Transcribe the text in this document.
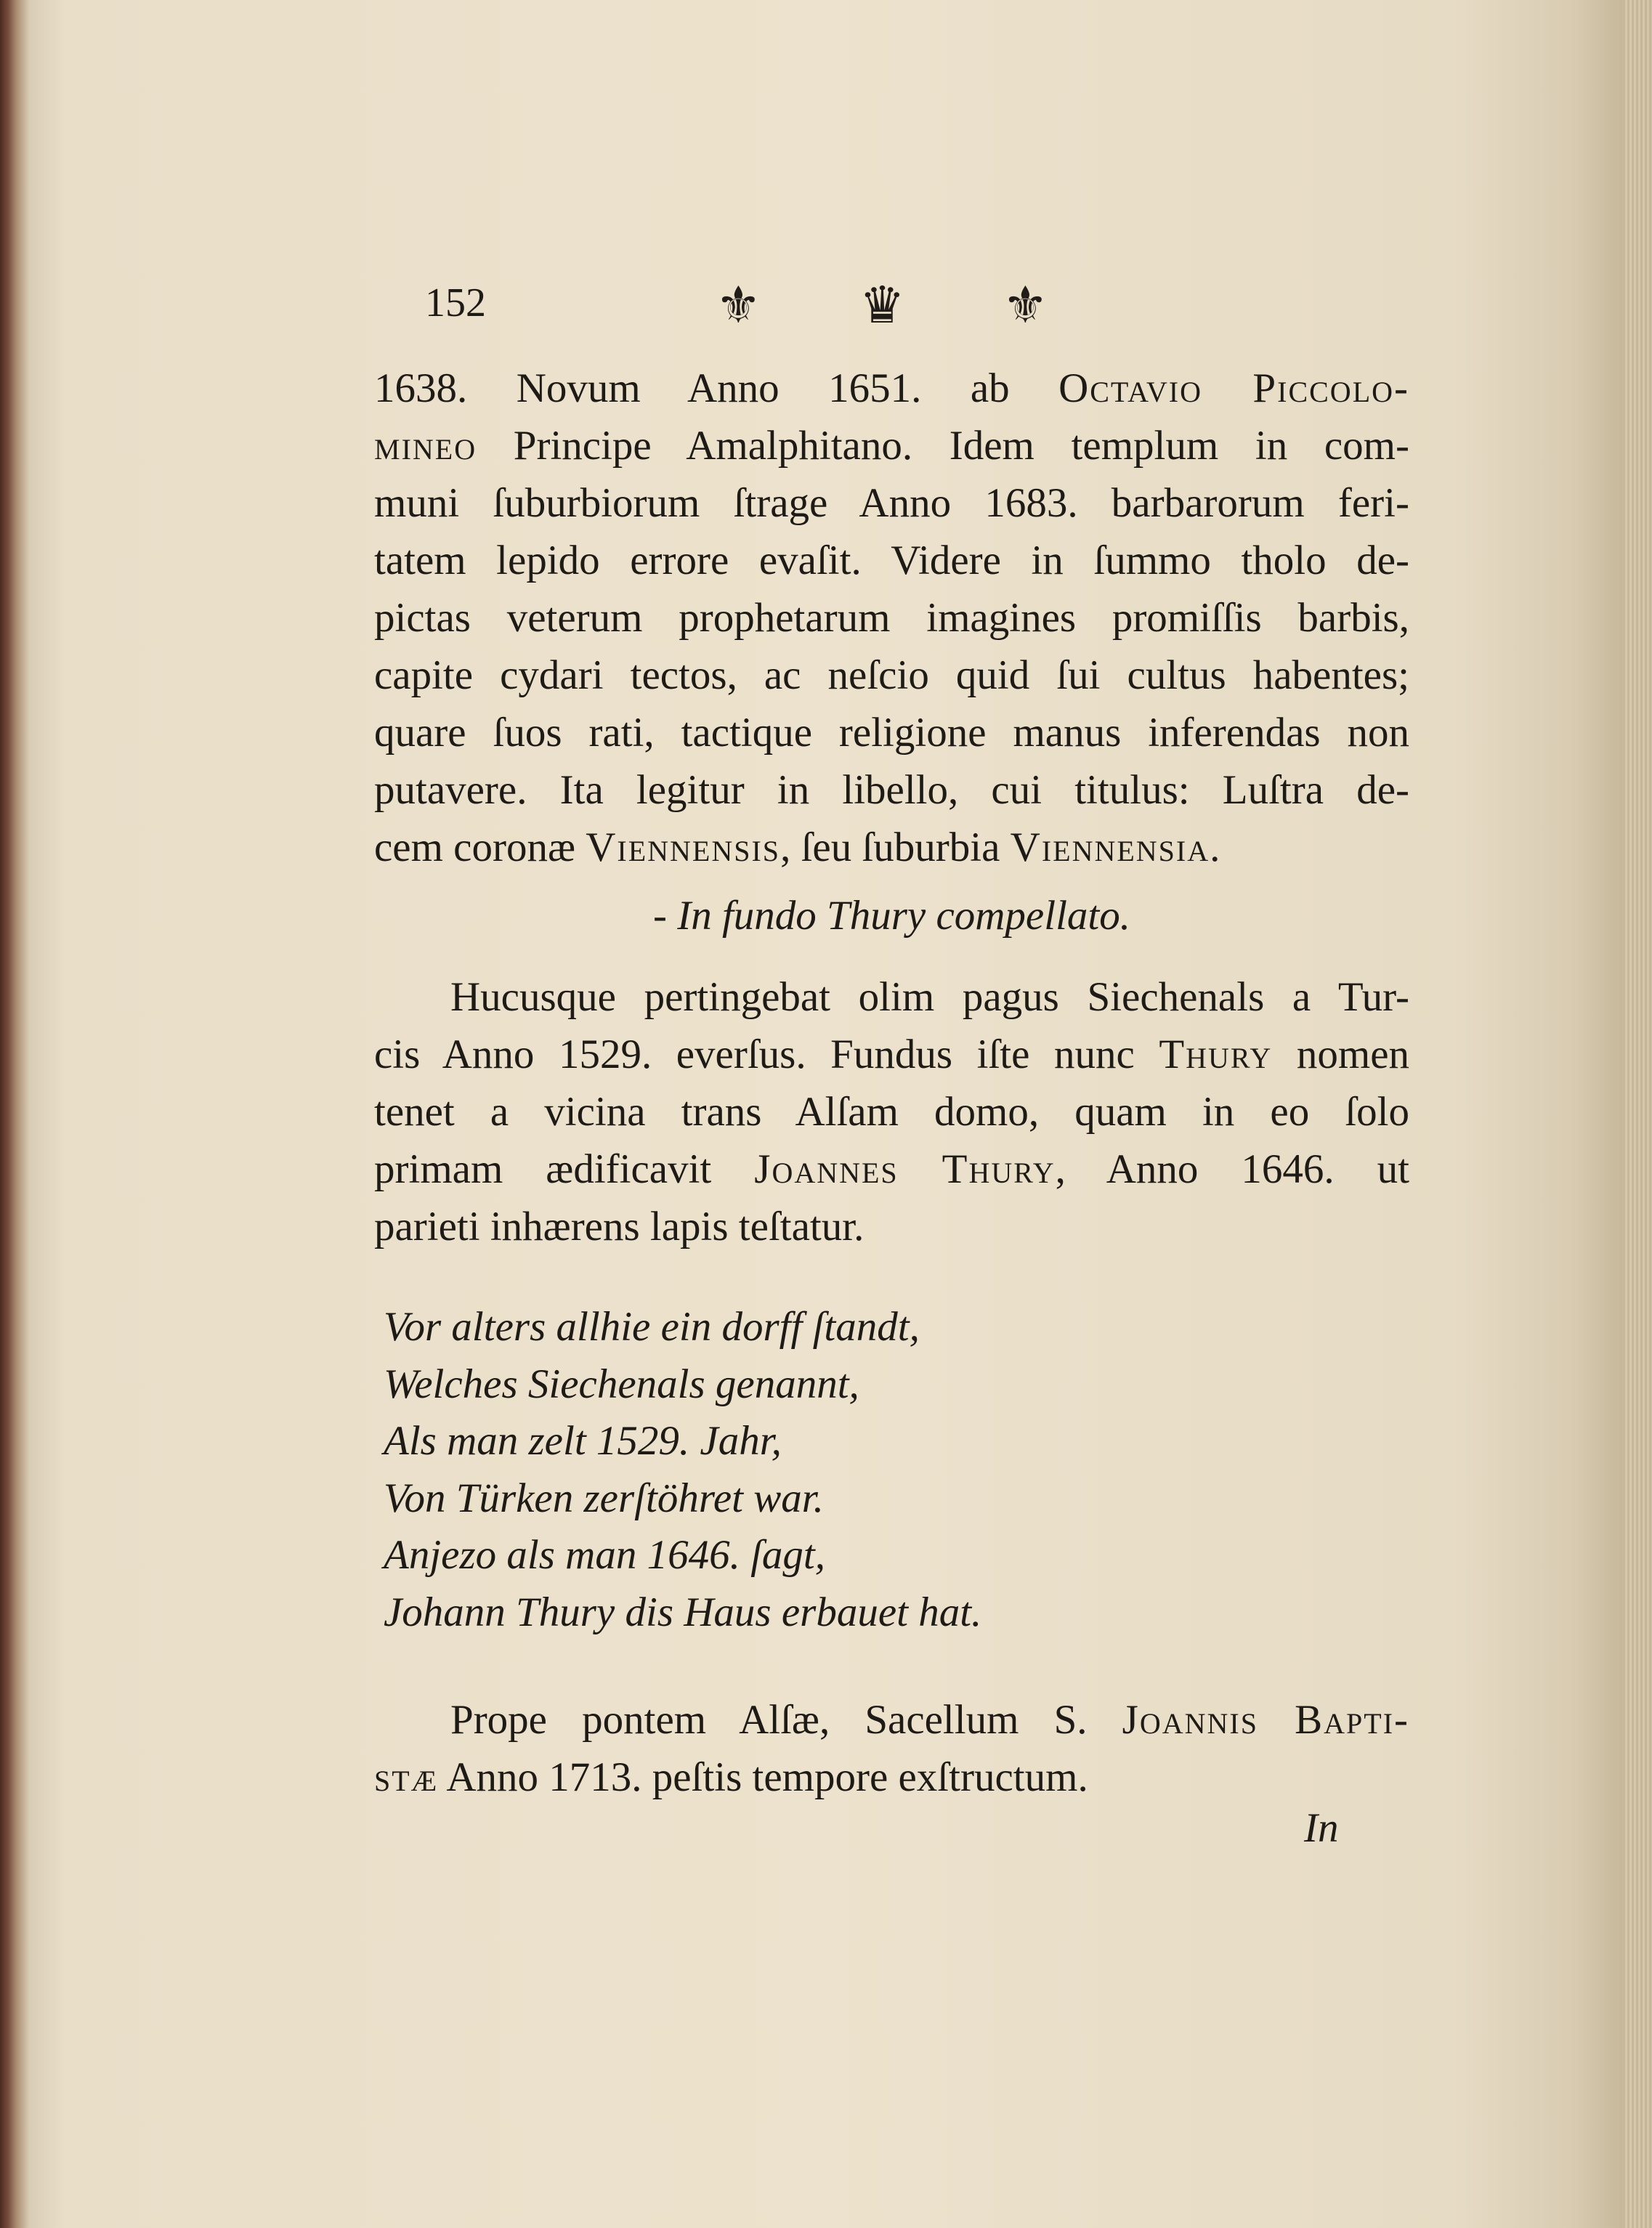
152	⚜ ♛ ⚜
1638. Novum Anno 1651. ab Octavio Piccolo-
mineo Principe Amalphitano. Idem templum in com-
muni ſuburbiorum ſtrage Anno 1683. barbarorum feri-
tatem lepido errore evaſit. Videre in ſummo tholo de-
pictas veterum prophetarum imagines promiſſis barbis,
capite cydari tectos, ac neſcio quid ſui cultus habentes;
quare ſuos rati, tactique religione manus inferendas non
putavere. Ita legitur in libello, cui titulus: Luſtra de-
cem coronæ Viennensis, ſeu ſuburbia Viennensia.
- In fundo Thury compellato.
Hucusque pertingebat olim pagus Siechenals a Tur-
cis Anno 1529. everſus. Fundus iſte nunc Thury nomen
tenet a vicina trans Alſam domo, quam in eo ſolo
primam ædificavit Joannes Thury, Anno 1646. ut
parieti inhærens lapis teſtatur.
Vor alters allhie ein dorff ſtandt,
Welches Siechenals genannt,
Als man zelt 1529. Jahr,
Von Türken zerſtöhret war.
Anjezo als man 1646. ſagt,
Johann Thury dis Haus erbauet hat.
Prope pontem Alſæ, Sacellum S. Joannis Bapti-
stæ Anno 1713. peſtis tempore exſtructum.
In
